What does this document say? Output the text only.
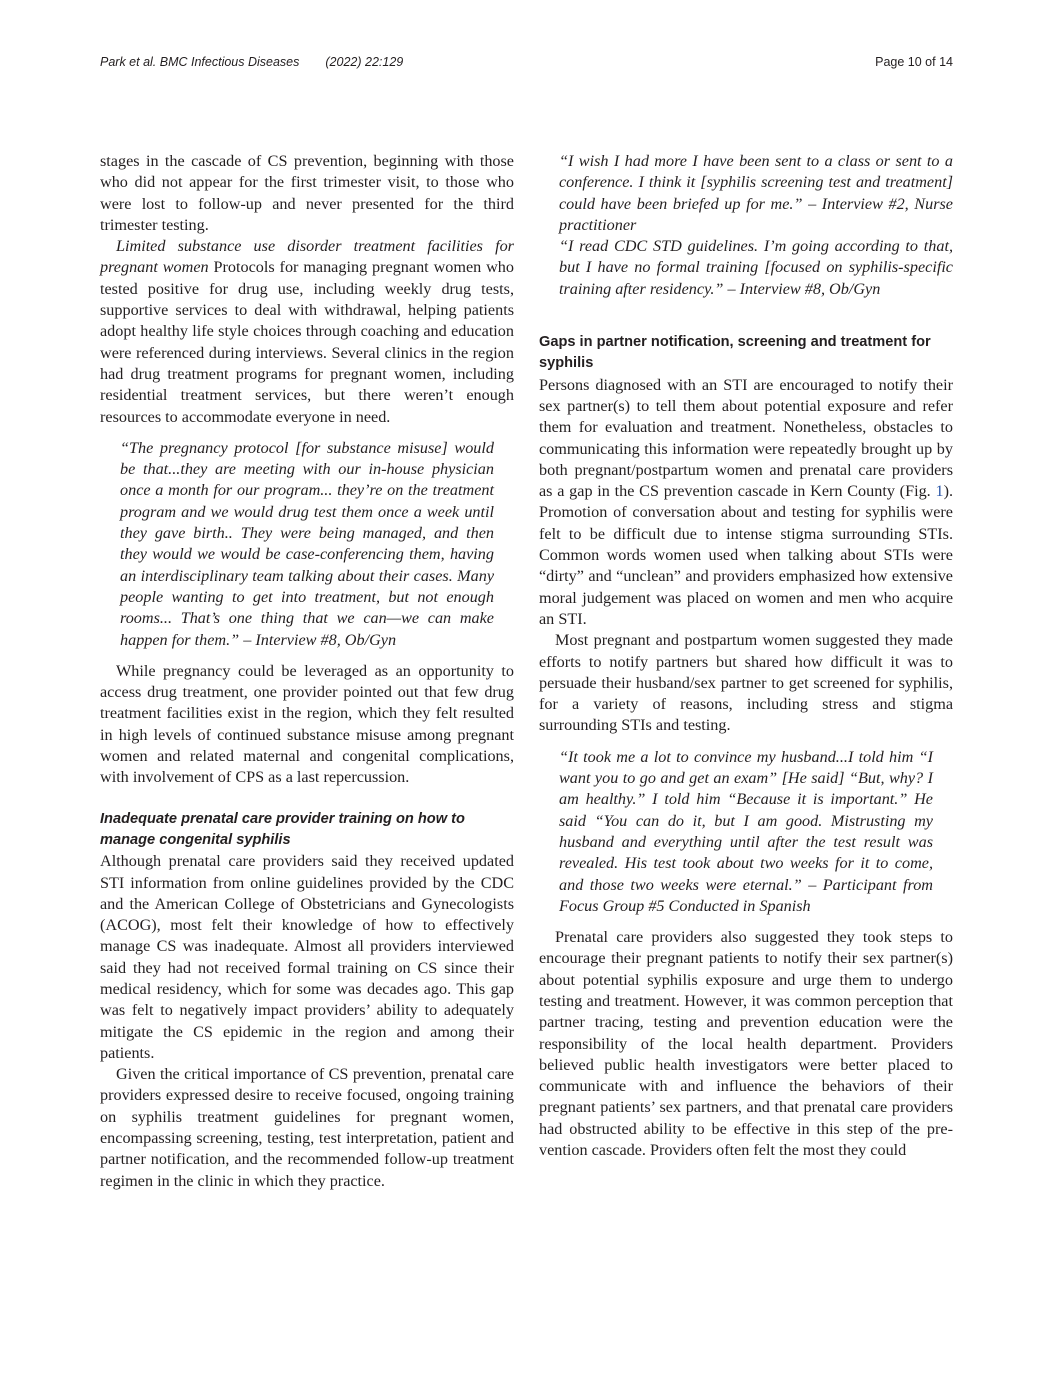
Park et al. BMC Infectious Diseases (2022) 22:129	Page 10 of 14

stages in the cascade of CS prevention, beginning with those who did not appear for the first trimester visit, to those who were lost to follow-up and never presented for the third trimester testing.

Limited substance use disorder treatment facilities for pregnant women Protocols for managing pregnant women who tested positive for drug use, including weekly drug tests, supportive services to deal with withdrawal, helping patients adopt healthy life style choices through coaching and education were referenced during interviews. Several clinics in the region had drug treatment programs for pregnant women, including residential treatment services, but there weren’t enough resources to accommodate everyone in need.

“The pregnancy protocol [for substance misuse] would be that...they are meeting with our in-house physician once a month for our program... they’re on the treatment program and we would drug test them once a week until they gave birth.. They were being managed, and then they would we would be case-conferencing them, having an interdisciplinary team talking about their cases. Many people wanting to get into treatment, but not enough rooms... That’s one thing that we can—we can make happen for them.” – Interview #8, Ob/Gyn

While pregnancy could be leveraged as an opportunity to access drug treatment, one provider pointed out that few drug treatment facilities exist in the region, which they felt resulted in high levels of continued substance misuse among pregnant women and related maternal and congenital complications, with involvement of CPS as a last repercussion.

Inadequate prenatal care provider training on how to manage congenital syphilis

Although prenatal care providers said they received updated STI information from online guidelines provided by the CDC and the American College of Obstetricians and Gynecologists (ACOG), most felt their knowledge of how to effectively manage CS was inadequate. Almost all providers interviewed said they had not received formal training on CS since their medical residency, which for some was decades ago. This gap was felt to negatively impact providers’ ability to adequately mitigate the CS epidemic in the region and among their patients.

Given the critical importance of CS prevention, prenatal care providers expressed desire to receive focused, ongoing training on syphilis treatment guidelines for pregnant women, encompassing screening, testing, test interpretation, patient and partner notification, and the recommended follow-up treatment regimen in the clinic in which they practice.

“I wish I had more I have been sent to a class or sent to a conference. I think it [syphilis screening test and treatment] could have been briefed up for me.” – Interview #2, Nurse practitioner

“I read CDC STD guidelines. I’m going according to that, but I have no formal training [focused on syphilis-specific training after residency.” – Interview #8, Ob/Gyn

Gaps in partner notification, screening and treatment for syphilis

Persons diagnosed with an STI are encouraged to notify their sex partner(s) to tell them about potential exposure and refer them for evaluation and treatment. Nonetheless, obstacles to communicating this information were repeatedly brought up by both pregnant/postpartum women and prenatal care providers as a gap in the CS prevention cascade in Kern County (Fig. 1). Promotion of conversation about and testing for syphilis were felt to be difficult due to intense stigma surrounding STIs. Common words women used when talking about STIs were “dirty” and “unclean” and providers emphasized how extensive moral judgement was placed on women and men who acquire an STI.

Most pregnant and postpartum women suggested they made efforts to notify partners but shared how difficult it was to persuade their husband/sex partner to get screened for syphilis, for a variety of reasons, including stress and stigma surrounding STIs and testing.

“It took me a lot to convince my husband...I told him “I want you to go and get an exam” [He said] “But, why? I am healthy.” I told him “Because it is important.” He said “You can do it, but I am good. Mistrusting my husband and everything until after the test result was revealed. His test took about two weeks for it to come, and those two weeks were eternal.” – Participant from Focus Group #5 Conducted in Spanish

Prenatal care providers also suggested they took steps to encourage their pregnant patients to notify their sex partner(s) about potential syphilis exposure and urge them to undergo testing and treatment. However, it was common perception that partner tracing, testing and prevention education were the responsibility of the local health department. Providers believed public health investigators were better placed to communicate with and influence the behaviors of their pregnant patients’ sex partners, and that prenatal care providers had obstructed ability to be effective in this step of the prevention cascade. Providers often felt the most they could
